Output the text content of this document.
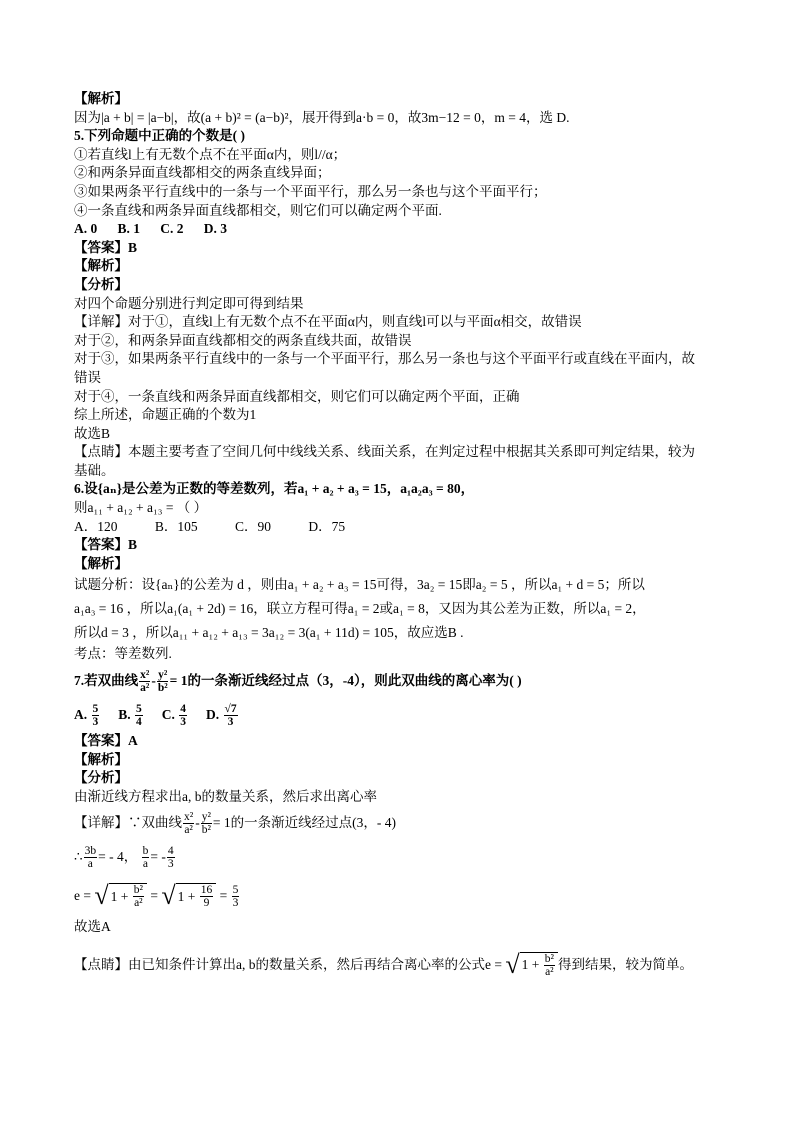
【解析】
因为|a + b| = |a−b|，故(a + b)² = (a−b)²，展开得到a·b = 0，故3m−12 = 0，m = 4，选 D.
5.下列命题中正确的个数是( )
①若直线l上有无数个点不在平面α内，则l//α；
②和两条异面直线都相交的两条直线异面；
③如果两条平行直线中的一条与一个平面平行，那么另一条也与这个平面平行；
④一条直线和两条异面直线都相交，则它们可以确定两个平面.
A. 0      B. 1      C. 2      D. 3
【答案】B
【解析】
【分析】
对四个命题分别进行判定即可得到结果
【详解】对于①，直线l上有无数个点不在平面α内，则直线l可以与平面α相交，故错误
对于②，和两条异面直线都相交的两条直线共面，故错误
对于③，如果两条平行直线中的一条与一个平面平行，那么另一条也与这个平面平行或直线在平面内，故
错误
对于④，一条直线和两条异面直线都相交，则它们可以确定两个平面，正确
综上所述，命题正确的个数为1
故选B
【点睛】本题主要考查了空间几何中线线关系、线面关系，在判定过程中根据其关系即可判定结果，较为
基础。
6.设{aₙ}是公差为正数的等差数列，若a₁ + a₂ + a₃ = 15，a₁a₂a₃ = 80，
则a₁₁ + a₁₂ + a₁₃ = （ ）
A．120	B．105	C．90	D．75
【答案】B
【解析】
试题分析：设{aₙ}的公差为 d ，则由a₁ + a₂ + a₃ = 15可得，3a₂ = 15即a₂ = 5 ，所以a₁ + d = 5；所以
a₁a₃ = 16 ，所以a₁(a₁ + 2d) = 16，联立方程可得a₁ = 2或a₁ = 8，又因为其公差为正数，所以a₁ = 2，
所以d = 3 ，所以a₁₁ + a₁₂ + a₁₃ = 3a₁₂ = 3(a₁ + 11d) = 105，故应选B .
考点：等差数列.
7.若双曲线 $\frac{\text{x²}}{\text{a²}} - \frac{\text{y²}}{\text{b²}} = 1$ 的一条渐近线经过点（3，-4），则此双曲线的离心率为( )
A.
$\frac{5}{3} B$.
$\frac{5}{4} C$.
$\frac{4}{3} D$.
$\frac{√7}{3}$
【答案】A
【解析】
【分析】
由渐近线方程求出a, b的数量关系，然后求出离心率
【详解】∵双曲线 $\frac{\text{x²}}{\text{a²}} - \frac{\text{y²}}{\text{b²}} = 1$ 的一条渐近线经过点(3，- 4)
∴ $\frac{3b}{a}$ = - 4，
$\frac{b}{a}$ = - $\frac{4}{3}$
e =
√ 1 +
$\frac{\text{b²}}{\text{a²}}$
=
√ 1 +
$\frac{16}{9}$
=
$\frac{5}{3}$
故选A
【点睛】由已知条件计算出a, b的数量关系，然后再结合离心率的公式e =
√ 1 +
$\frac{\text{b²}}{\text{a²}}$ 得到结果，较为简单。
